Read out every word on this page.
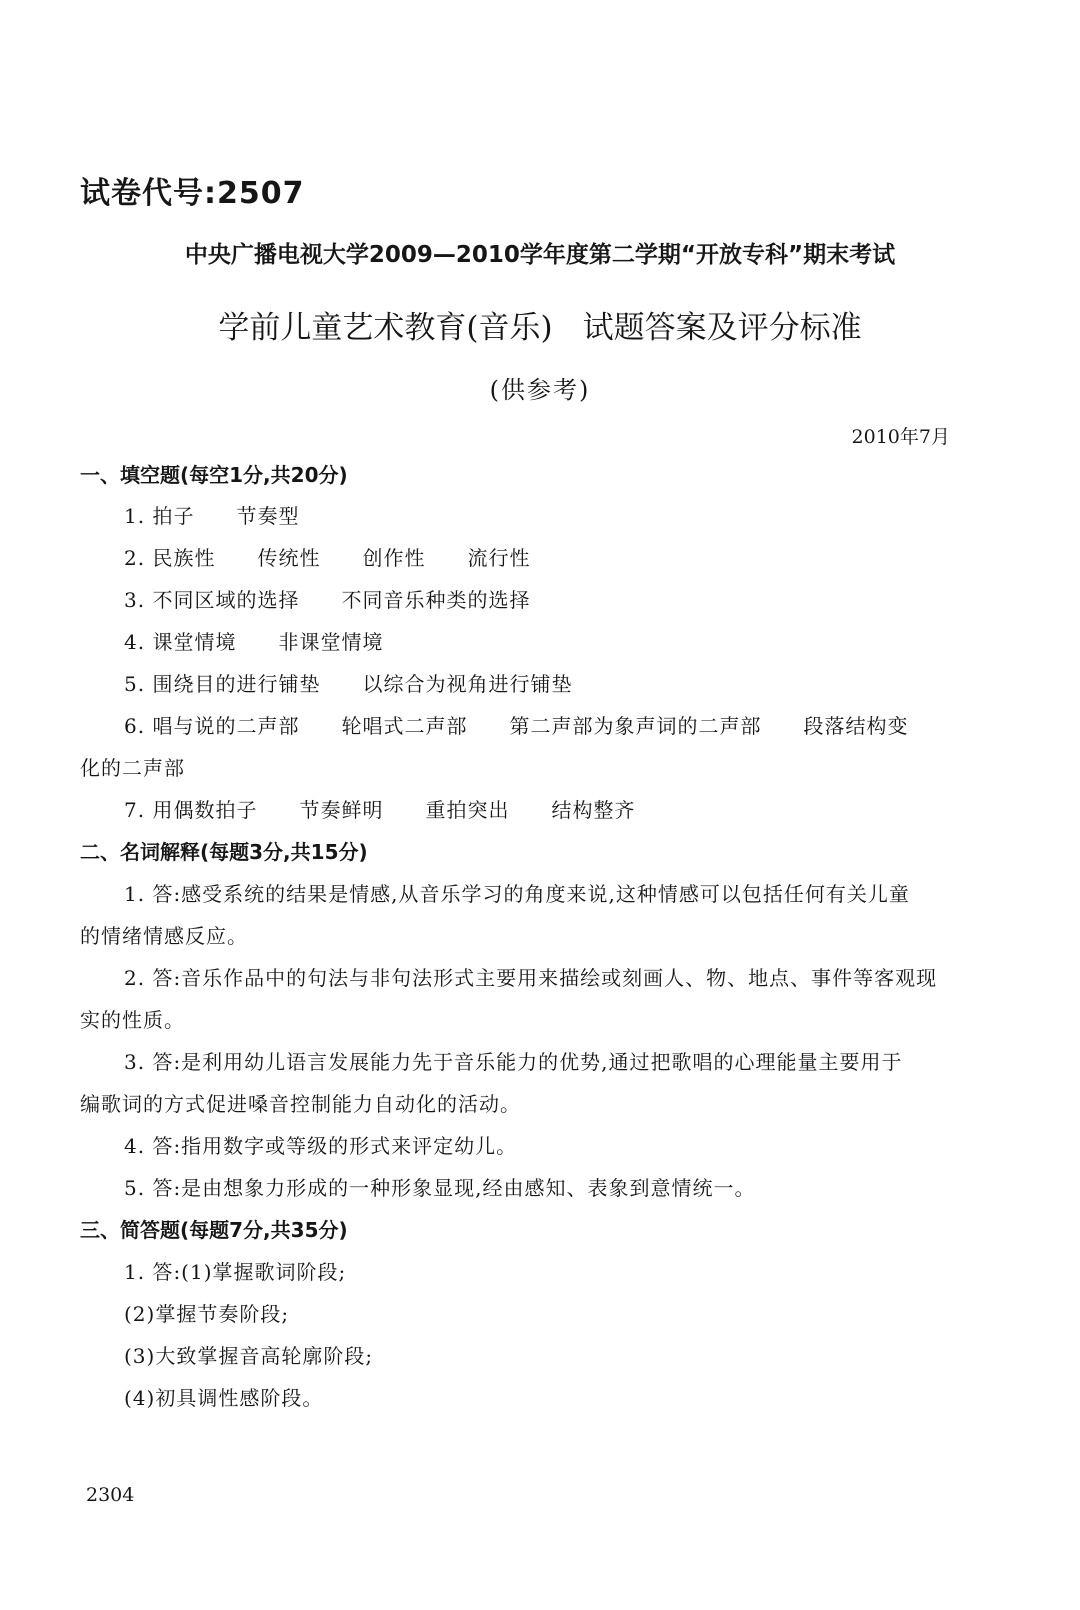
试卷代号:2507
中央广播电视大学2009—2010学年度第二学期“开放专科”期末考试
学前儿童艺术教育(音乐) 试题答案及评分标准
(供参考)
2010年7月
一、填空题(每空1分,共20分)
1. 拍子 节奏型
2. 民族性 传统性 创作性 流行性
3. 不同区域的选择 不同音乐种类的选择
4. 课堂情境 非课堂情境
5. 围绕目的进行铺垫 以综合为视角进行铺垫
6. 唱与说的二声部 轮唱式二声部 第二声部为象声词的二声部 段落结构变
化的二声部
7. 用偶数拍子 节奏鲜明 重拍突出 结构整齐
二、名词解释(每题3分,共15分)
1. 答:感受系统的结果是情感,从音乐学习的角度来说,这种情感可以包括任何有关儿童
的情绪情感反应。
2. 答:音乐作品中的句法与非句法形式主要用来描绘或刻画人、物、地点、事件等客观现
实的性质。
3. 答:是利用幼儿语言发展能力先于音乐能力的优势,通过把歌唱的心理能量主要用于
编歌词的方式促进嗓音控制能力自动化的活动。
4. 答:指用数字或等级的形式来评定幼儿。
5. 答:是由想象力形成的一种形象显现,经由感知、表象到意情统一。
三、简答题(每题7分,共35分)
1. 答:(1)掌握歌词阶段;
(2)掌握节奏阶段;
(3)大致掌握音高轮廓阶段;
(4)初具调性感阶段。
2304
